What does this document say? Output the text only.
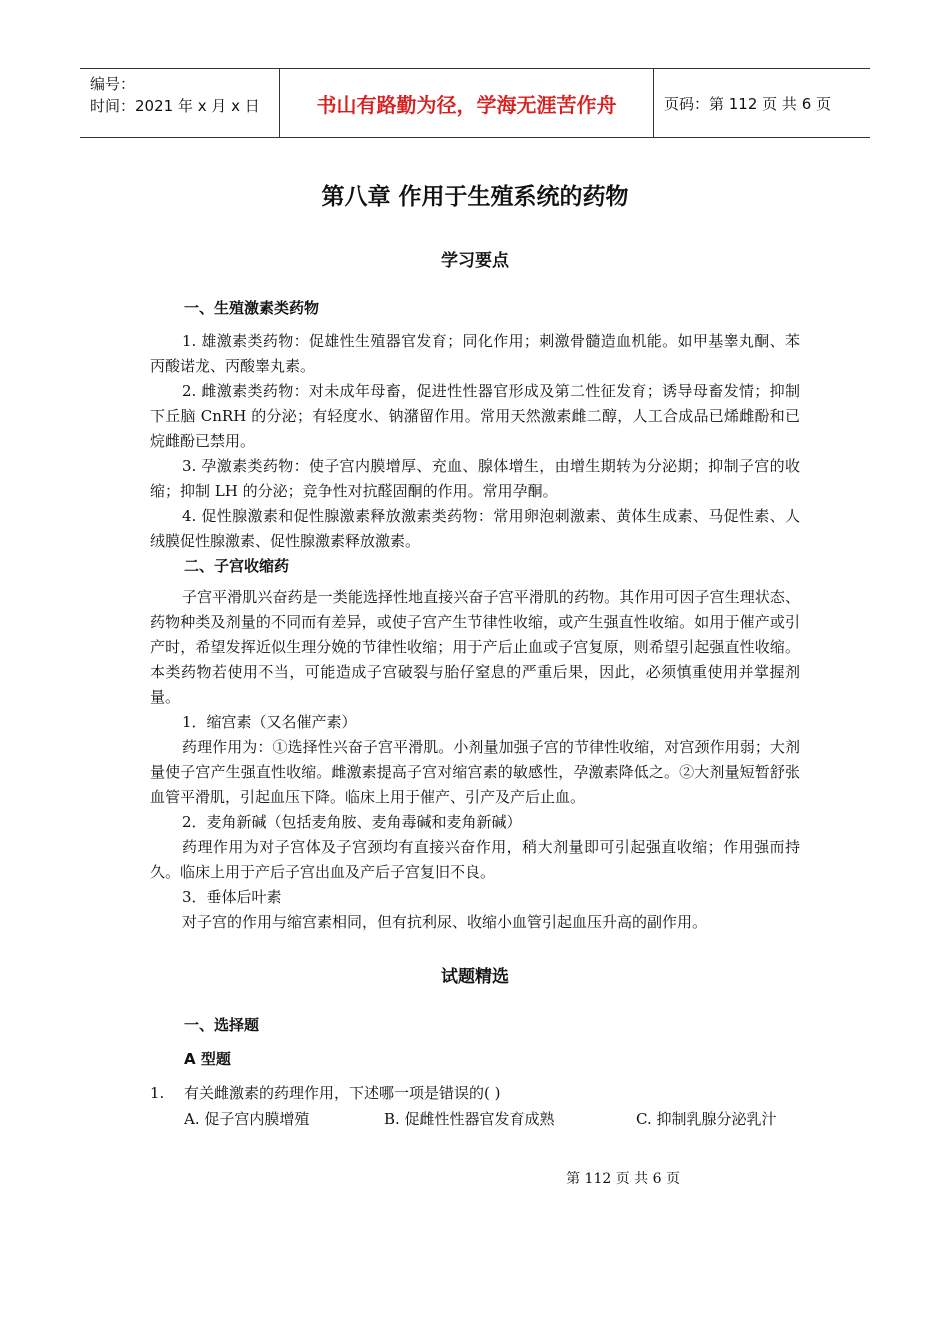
编号：
时间：2021 年 x 月 x 日	书山有路勤为径，学海无涯苦作舟	页码：第 112 页 共 6 页
第八章 作用于生殖系统的药物
学习要点

一、生殖激素类药物

1. 雄激素类药物：促雄性生殖器官发育；同化作用；刺激骨髓造血机能。如甲基睾丸酮、苯丙酸诺龙、丙酸睾丸素。

2. 雌激素类药物：对未成年母畜，促进性性器官形成及第二性征发育；诱导母畜发情；抑制下丘脑 CnRH 的分泌；有轻度水、钠潴留作用。常用天然激素雌二醇，人工合成品已烯雌酚和已烷雌酚已禁用。

3. 孕激素类药物：使子宫内膜增厚、充血、腺体增生，由增生期转为分泌期；抑制子宫的收缩；抑制 LH 的分泌；竞争性对抗醛固酮的作用。常用孕酮。

4. 促性腺激素和促性腺激素释放激素类药物：常用卵泡刺激素、黄体生成素、马促性素、人绒膜促性腺激素、促性腺激素释放激素。

二、子宫收缩药

子宫平滑肌兴奋药是一类能选择性地直接兴奋子宫平滑肌的药物。其作用可因子宫生理状态、药物种类及剂量的不同而有差异，或使子宫产生节律性收缩，或产生强直性收缩。如用于催产或引产时，希望发挥近似生理分娩的节律性收缩；用于产后止血或子宫复原，则希望引起强直性收缩。本类药物若使用不当，可能造成子宫破裂与胎仔窒息的严重后果，因此，必须慎重使用并掌握剂量。

1．缩宫素（又名催产素）

药理作用为：①选择性兴奋子宫平滑肌。小剂量加强子宫的节律性收缩，对宫颈作用弱；大剂量使子宫产生强直性收缩。雌激素提高子宫对缩宫素的敏感性，孕激素降低之。②大剂量短暂舒张血管平滑肌，引起血压下降。临床上用于催产、引产及产后止血。

2．麦角新碱（包括麦角胺、麦角毒碱和麦角新碱）

药理作用为对子宫体及子宫颈均有直接兴奋作用，稍大剂量即可引起强直收缩；作用强而持久。临床上用于产后子宫出血及产后子宫复旧不良。

3．垂体后叶素

对子宫的作用与缩宫素相同，但有抗利尿、收缩小血管引起血压升高的副作用。

试题精选

一、选择题

A 型题

1.	有关雌激素的药理作用，下述哪一项是错误的( )
A. 促子宫内膜增殖	B. 促雌性性器官发育成熟	C. 抑制乳腺分泌乳汁
第 112 页 共 6 页
